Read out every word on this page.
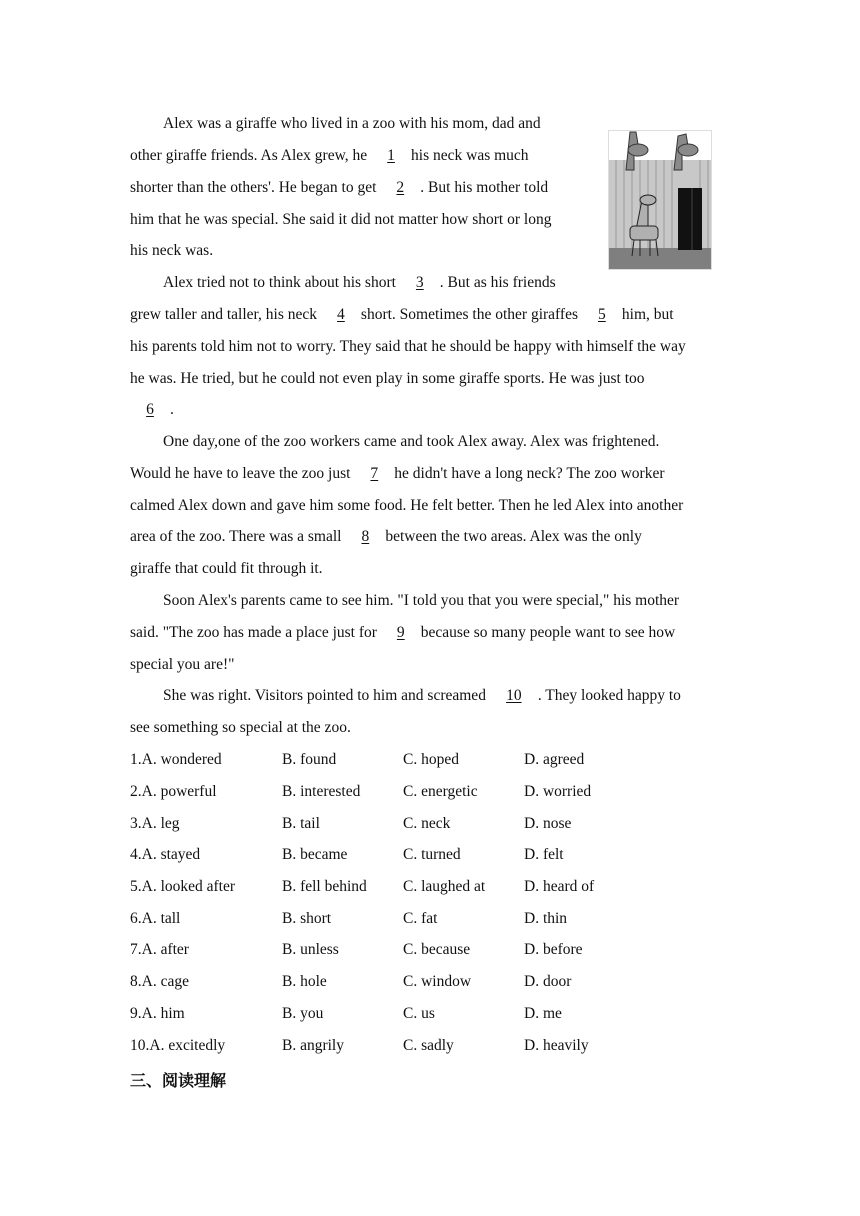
Alex was a giraffe who lived in a zoo with his mom, dad and
other giraffe friends. As Alex grew, he 1 his neck was much
shorter than the others'. He began to get 2 . But his mother told
him that he was special. She said it did not matter how short or long
his neck was.
Alex tried not to think about his short 3 . But as his friends
grew taller and taller, his neck 4 short. Sometimes the other giraffes 5 him, but
his parents told him not to worry. They said that he should be happy with himself the way
he was. He tried, but he could not even play in some giraffe sports. He was just too
6 .
One day,one of the zoo workers came and took Alex away. Alex was frightened.
Would he have to leave the zoo just 7 he didn't have a long neck? The zoo worker
calmed Alex down and gave him some food. He felt better. Then he led Alex into another
area of the zoo. There was a small 8 between the two areas. Alex was the only
giraffe that could fit through it.
Soon Alex's parents came to see him. "I told you that you were special," his mother
said. "The zoo has made a place just for 9 because so many people want to see how
special you are!"
She was right. Visitors pointed to him and screamed 10 . They looked happy to
see something so special at the zoo.
1.A. wondered	B. found	C. hoped	D. agreed
2.A. powerful	B. interested	C. energetic	D. worried
3.A. leg	B. tail	C. neck	D. nose
4.A. stayed	B. became	C. turned	D. felt
5.A. looked after	B. fell behind C. laughed at	D. heard of
6.A. tall	B. short	C. fat	D. thin
7.A. after	B. unless	C. because	D. before
8.A. cage	B. hole	C. window	D. door
9.A. him	B. you	C. us	D. me
10.A. excitedly	B. angrily	C. sadly	D. heavily
三、阅读理解
